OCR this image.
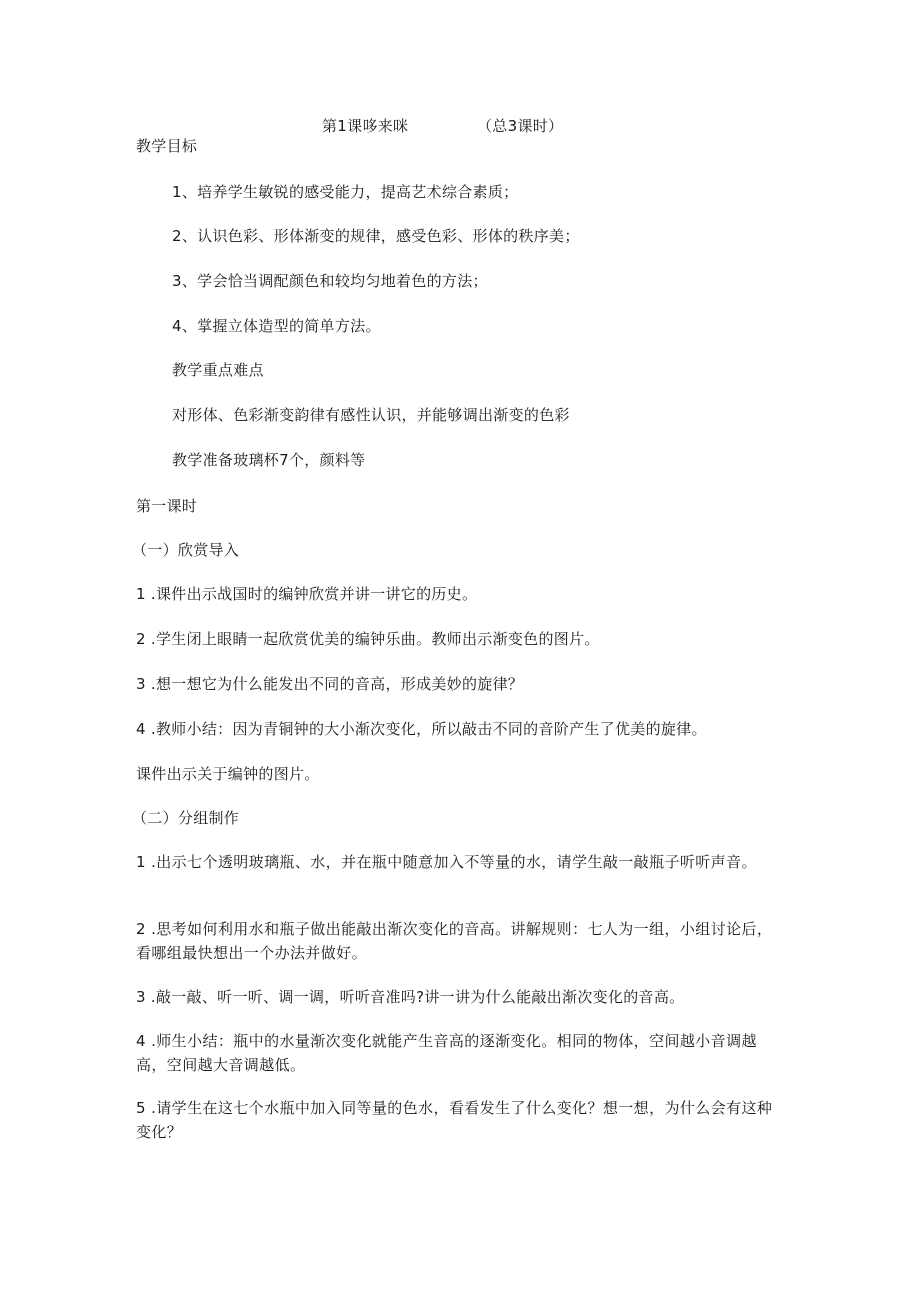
第1课哆来咪	（总3课时）
教学目标
1、培养学生敏锐的感受能力，提高艺术综合素质；
2、认识色彩、形体渐变的规律，感受色彩、形体的秩序美；
3、学会恰当调配颜色和较均匀地着色的方法；
4、掌握立体造型的简单方法。
教学重点难点
对形体、色彩渐变韵律有感性认识，并能够调出渐变的色彩
教学准备玻璃杯7个，颜料等
第一课时
（一）欣赏导入
1 .课件出示战国时的编钟欣赏并讲一讲它的历史。
2 .学生闭上眼睛一起欣赏优美的编钟乐曲。教师出示渐变色的图片。
3 .想一想它为什么能发出不同的音高，形成美妙的旋律？
4 .教师小结：因为青铜钟的大小渐次变化，所以敲击不同的音阶产生了优美的旋律。
课件出示关于编钟的图片。
（二）分组制作
1 .出示七个透明玻璃瓶、水，并在瓶中随意加入不等量的水，请学生敲一敲瓶子听听声音。
2 .思考如何利用水和瓶子做出能敲出渐次变化的音高。讲解规则：七人为一组，小组讨论后，看哪组最快想出一个办法并做好。
3 .敲一敲、听一听、调一调，听听音准吗?讲一讲为什么能敲出渐次变化的音高。
4 .师生小结：瓶中的水量渐次变化就能产生音高的逐渐变化。相同的物体，空间越小音调越高，空间越大音调越低。
5 .请学生在这七个水瓶中加入同等量的色水，看看发生了什么变化？想一想，为什么会有这种变化？
